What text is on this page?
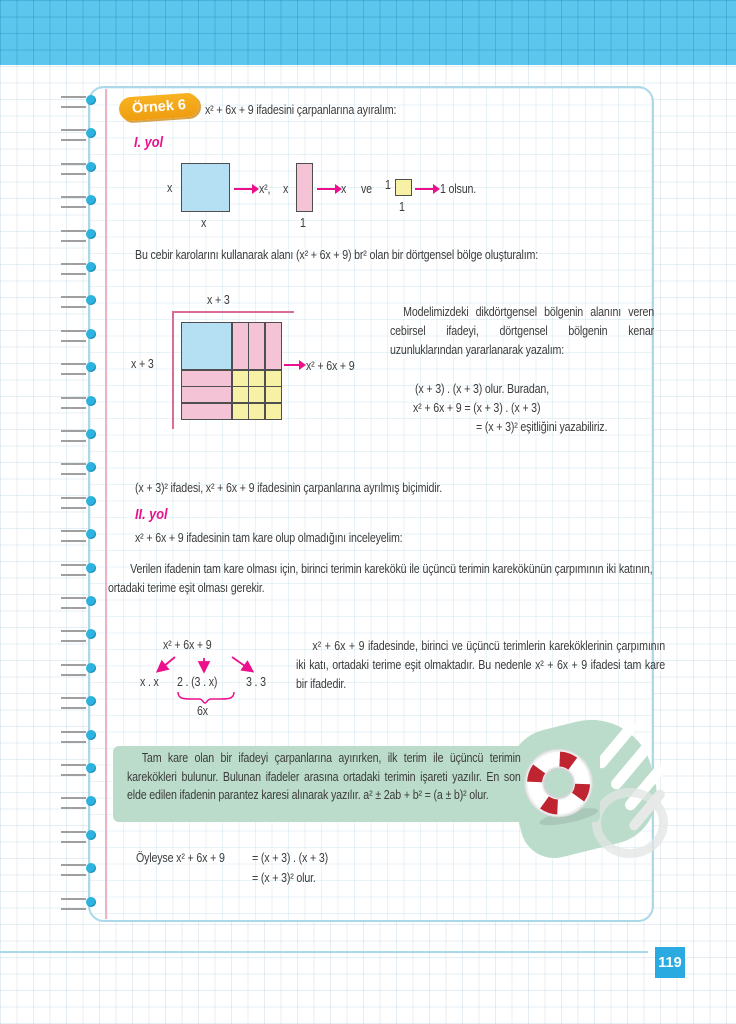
Örnek 6	x² + 6x + 9 ifadesini çarpanlarına ayıralım:
I. yol
x
x
x², x
1
x ve 1
1
1 olsun.
Bu cebir karolarını kullanarak alanı (x² + 6x + 9) br² olan bir dörtgensel bölge oluşturalım:
x + 3
x + 3	x² + 6x + 9
Modelimizdeki dikdörtgensel bölgenin alanını veren cebirsel ifadeyi, dörtgensel bölgenin kenar uzunluklarından yararlanarak yazalım:
(x + 3) . (x + 3) olur. Buradan,
x² + 6x + 9 = (x + 3) . (x + 3)
= (x + 3)² eşitliğini yazabiliriz.
(x + 3)² ifadesi, x² + 6x + 9 ifadesinin çarpanlarına ayrılmış biçimidir.
II. yol
x² + 6x + 9 ifadesinin tam kare olup olmadığını inceleyelim:
Verilen ifadenin tam kare olması için, birinci terimin karekökü ile üçüncü terimin karekökünün çarpımının iki katının, ortadaki terime eşit olması gerekir.
x² + 6x + 9
x . x 2 . (3 . x) 3 . 3
6x
x² + 6x + 9 ifadesinde, birinci ve üçüncü terimlerin kareköklerinin çarpımının iki katı, ortadaki terime eşit olmaktadır. Bu nedenle x² + 6x + 9 ifadesi tam kare bir ifadedir.
Tam kare olan bir ifadeyi çarpanlarına ayırırken, ilk terim ile üçüncü terimin karekökleri bulunur. Bulunan ifadeler arasına ortadaki terimin işareti yazılır. En son elde edilen ifadenin parantez karesi alınarak yazılır. a² ± 2ab + b² = (a ± b)² olur.
Öyleyse x² + 6x + 9 = (x + 3) . (x + 3)
= (x + 3)² olur.
119
